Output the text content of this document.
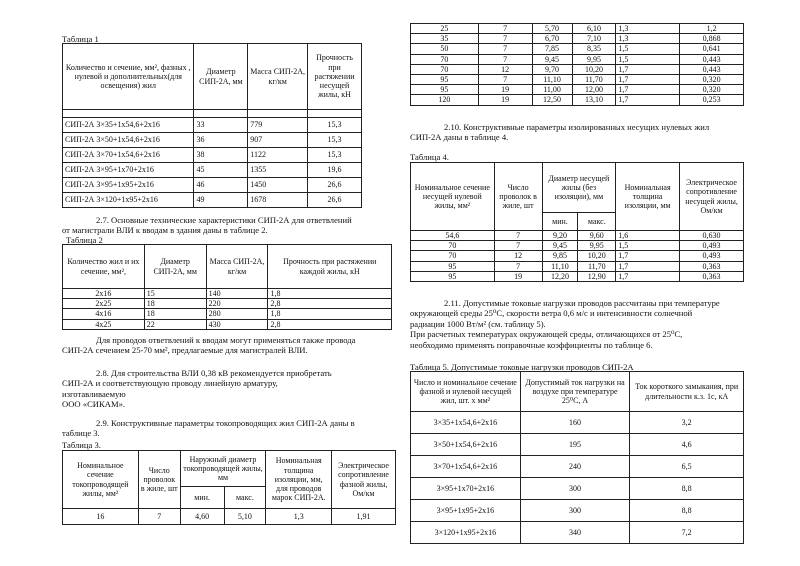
Таблица 1
Количество и сечение, мм², фазных , нулевой и дополнительных(для освещения) жил	Диаметр СИП-2А, мм	Масса СИП-2А, кг/км	Прочность при растяжении несущей жилы, кН

СИП-2А 3×35+1x54,6+2x16	33	779	15,3
СИП-2А 3×50+1x54,6+2x16	36	907	15,3
СИП-2А 3×70+1x54,6+2x16	38	1122	15,3
СИП-2А 3×95+1x70+2x16	45	1355	19,6
СИП-2А 3×95+1x95+2x16	46	1450	26,6
СИП-2А 3×120+1x95+2x16	49	1678	26,6

2.7. Основные технические характеристики СИП-2А для ответвлений

от магистрали ВЛИ к вводам в здания даны в таблице 2.

Таблица 2
Количество жил и их сечение, мм²,	Диаметр СИП-2А, мм	Масса СИП-2А, кг/км	Прочность при растяжении каждой жилы, кН
2x16	15	140	1,8
2x25	18	220	2,8
4x16	18	280	1,8
4x25	22	430	2,8

Для проводов ответвлений к вводам могут применяться также провода

СИП-2А сечением 25-70 мм², предлагаемые для магистралей ВЛИ.

2.8. Для строительства ВЛИ 0,38 кВ рекомендуется приобретать

СИП-2А и соответствующую проводу линейную арматуру,

изготавливаемую

ООО «СИКАМ».

2.9. Конструктивные параметры токопроводящих жил СИП-2А даны в

таблице 3.

Таблица 3.
Номинальное сечение токопроводящей жилы, мм²	Число проволок в жиле, шт	Наружный диаметр токопроводящей жилы, мм		Номинальная толщина изоляции, мм, для проводов марок СИП-2А.	Электрическое сопротивление фазной жилы, Ом/км
		мин.	макс.		
16	7	4,60	5,10	1,3	1,91
25	7	5,70	6,10	1,3	1,2
35	7	6,70	7,10	1,3	0,868
50	7	7,85	8,35	1,5	0,641
70	7	9,45	9,95	1,5	0,443
70	12	9,70	10,20	1,7	0,443
95	7	11,10	11,70	1,7	0,320
95	19	11,00	12,00	1,7	0,320
120	19	12,50	13,10	1,7	0,253

2.10. Конструктивные параметры изолированных несущих нулевых жил

СИП-2А даны в таблице 4.

Таблица 4.
Номинальное сечение несущей нулевой жилы, мм²	Число проволок в жиле, шт	Диаметр несущей жилы (без изоляции), мм		Номинальная толщина изоляции, мм	Электрическое сопротивление несущей жилы, Ом/км
		мин.	макс.		
54,6	7	9,20	9,60	1,6	0,630
70	7	9,45	9,95	1,5	0,493
70	12	9,85	10,20	1,7	0,493
95	7	11,10	11,70	1,7	0,363
95	19	12,20	12,90	1,7	0,363

2.11. Допустимые токовые нагрузки проводов рассчитаны при температуре

окружающей среды 25⁰С, скорости ветра 0,6 м/с и интенсивности солнечной

радиации 1000 Вт/м² (см. таблицу 5).

При расчетных температурах окружающей среды, отличающихся от 25⁰С,

необходимо применять поправочные коэффициенты по таблице 6.

Таблица 5. Допустимые токовые нагрузки проводов СИП-2А
Число и номинальное сечение фазной и нулевой несущей жил, шт. х мм²	Допустимый ток нагрузки на воздухе при температуре 25⁰С, А	Ток короткого замыкания, при длительности к.з. 1с, кА
3×35+1x54,6+2x16	160	3,2
3×50+1x54,6+2x16	195	4,6
3×70+1x54,6+2x16	240	6,5
3×95+1x70+2x16	300	8,8
3×95+1x95+2x16	300	8,8
3×120+1x95+2x16	340	7,2
